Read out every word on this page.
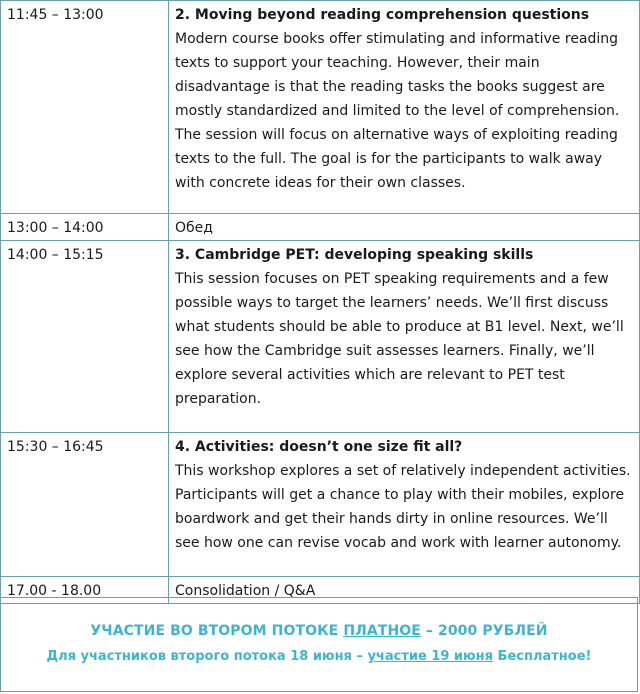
11:45 – 13:00	2. Moving beyond reading comprehension questions

Modern course books offer stimulating and informative reading texts to support your teaching. However, their main disadvantage is that the reading tasks the books suggest are mostly standardized and limited to the level of comprehension. The session will focus on alternative ways of exploiting reading texts to the full. The goal is for the participants to walk away with concrete ideas for their own classes.

13:00 – 14:00	Обед

14:00 – 15:15	3. Cambridge PET: developing speaking skills

This session focuses on PET speaking requirements and a few possible ways to target the learners’ needs. We’ll first discuss what students should be able to produce at B1 level. Next, we’ll see how the Cambridge suit assesses learners. Finally, we’ll explore several activities which are relevant to PET test preparation.

15:30 – 16:45	4. Activities: doesn’t one size fit all?

This workshop explores a set of relatively independent activities. Participants will get a chance to play with their mobiles, explore boardwork and get their hands dirty in online resources. We’ll see how one can revise vocab and work with learner autonomy.

17.00 - 18.00	Consolidation / Q&A

УЧАСТИЕ ВО ВТОРОМ ПОТОКЕ ПЛАТНОЕ – 2000 РУБЛЕЙ
Для участников второго потока 18 июня – участие 19 июня Бесплатное!
